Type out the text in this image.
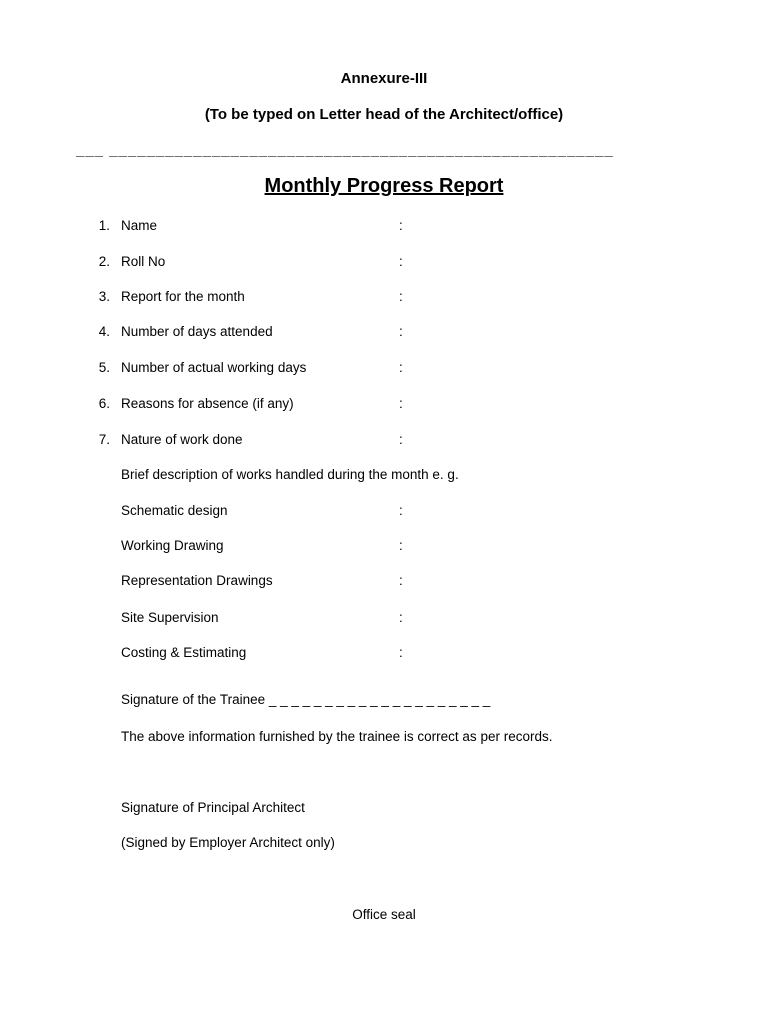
Annexure-III
(To be typed on Letter head of the Architect/office)
___ ______________________________________________________
Monthly Progress Report
1. Name	:
2. Roll No	:
3. Report for the month	:
4. Number of days attended	:
5. Number of actual working days	:
6. Reasons for absence (if any)	:
7. Nature of work done	:
Brief description of works handled during the month e. g.
Schematic design	:
Working Drawing	:
Representation Drawings	:
Site Supervision	:
Costing & Estimating	:
Signature of the Trainee _ _ _ _ _ _ _ _ _ _ _ _ _ _ _ _ _ _ _ _
The above information furnished by the trainee is correct as per records.
Signature of Principal Architect
(Signed by Employer Architect only)
Office seal
